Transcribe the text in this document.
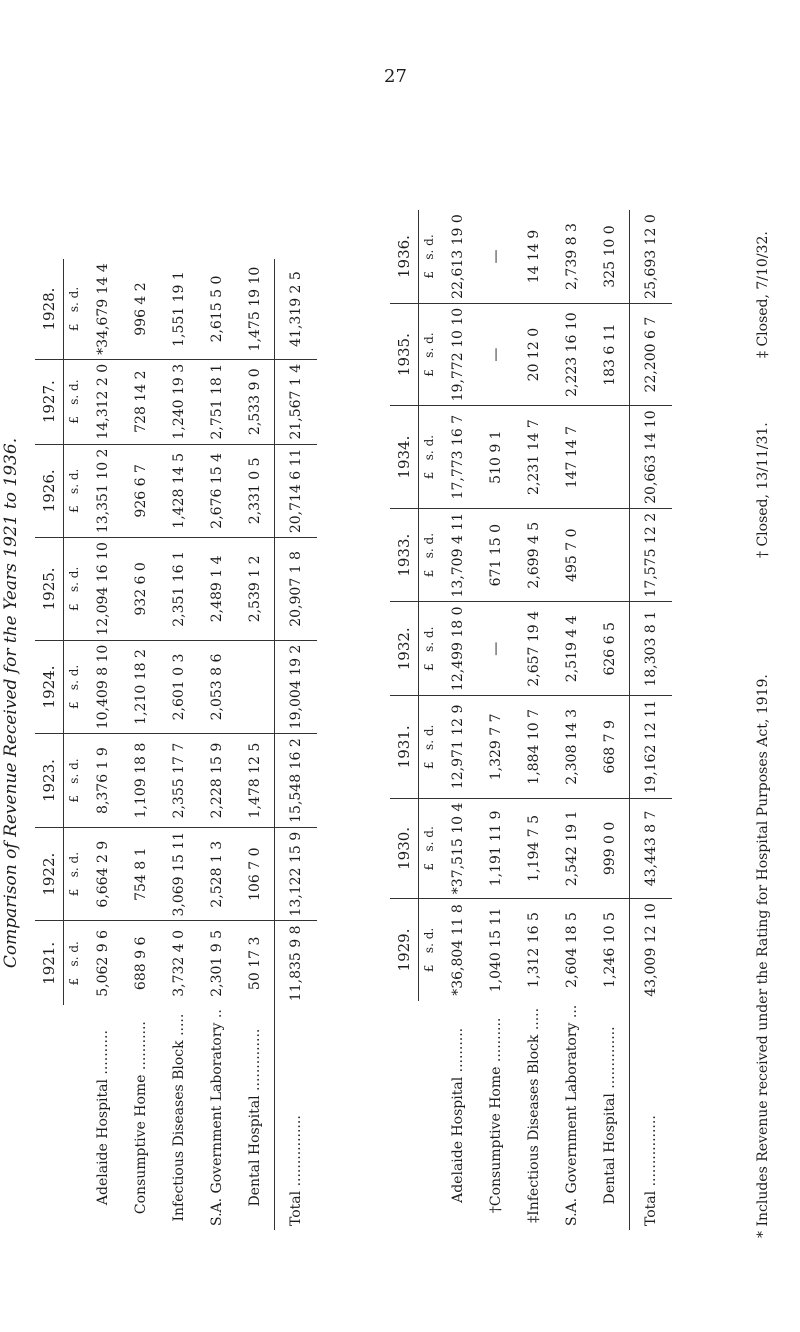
27
Comparison of Revenue Received for the Years 1921 to 1936.
	1921.	1922.	1923.	1924.	1925.	1926.	1927.	1928.
	£   s. d.	£   s. d.	£   s. d.	£   s. d.	£   s. d.	£   s. d.	£   s. d.	£   s. d.
Adelaide Hospital ..........	5,062 9 6	6,664 2 9	8,376 1 9	10,409 8 10	12,094 16 10	13,351 10 2	14,312 2 0	*34,679 14 4
Consumptive Home ...........	688 9 6	754 8 1	1,109 18 8	1,210 18 2	932 6 0	926 6 7	728 14 2	996 4 2
Infectious Diseases Block .....	3,732 4 0	3,069 15 11	2,355 17 7	2,601 0 3	2,351 16 1	1,428 14 5	1,240 19 3	1,551 19 1
S.A. Government Laboratory ..	2,301 9 5	2,528 1 3	2,228 15 9	2,053 8 6	2,489 1 4	2,676 15 4	2,751 18 1	2,615 5 0
Dental Hospital ..............	50 17 3	106 7 0	1,478 12 5		2,539 1 2	2,331 0 5	2,533 9 0	1,475 19 10
Total ................	11,835 9 8	13,122 15 9	15,548 16 2	19,004 19 2	20,907 1 8	20,714 6 11	21,567 1 4	41,319 2 5
	1929.	1930.	1931.	1932.	1933.	1934.	1935.	1936.
	£   s. d.	£   s. d.	£   s. d.	£   s. d.	£   s. d.	£   s. d.	£   s. d.	£   s. d.
Adelaide Hospital ..........	*36,804 11 8	*37,515 10 4	12,971 12 9	12,499 18 0	13,709 4 11	17,773 16 7	19,772 10 10	22,613 19 0
†Consumptive Home ..........	1,040 15 11	1,191 11 9	1,329 7 7	—	671 15 0	510 9 1	—	—
‡Infectious Diseases Block .....	1,312 16 5	1,194 7 5	1,884 10 7	2,657 19 4	2,699 4 5	2,231 14 7	20 12 0	14 14 9
S.A. Government Laboratory ...	2,604 18 5	2,542 19 1	2,308 14 3	2,519 4 4	495 7 0	147 14 7	2,223 16 10	2,739 8 3
Dental Hospital ..............	1,246 10 5	999 0 0	668 7 9	626 6 5			183 6 11	325 10 0
Total ................	43,009 12 10	43,443 8 7	19,162 12 11	18,303 8 1	17,575 12 2	20,663 14 10	22,200 6 7	25,693 12 0
* Includes Revenue received under the Rating for Hospital Purposes Act, 1919.
† Closed, 13/11/31.
‡ Closed, 7/10/32.
